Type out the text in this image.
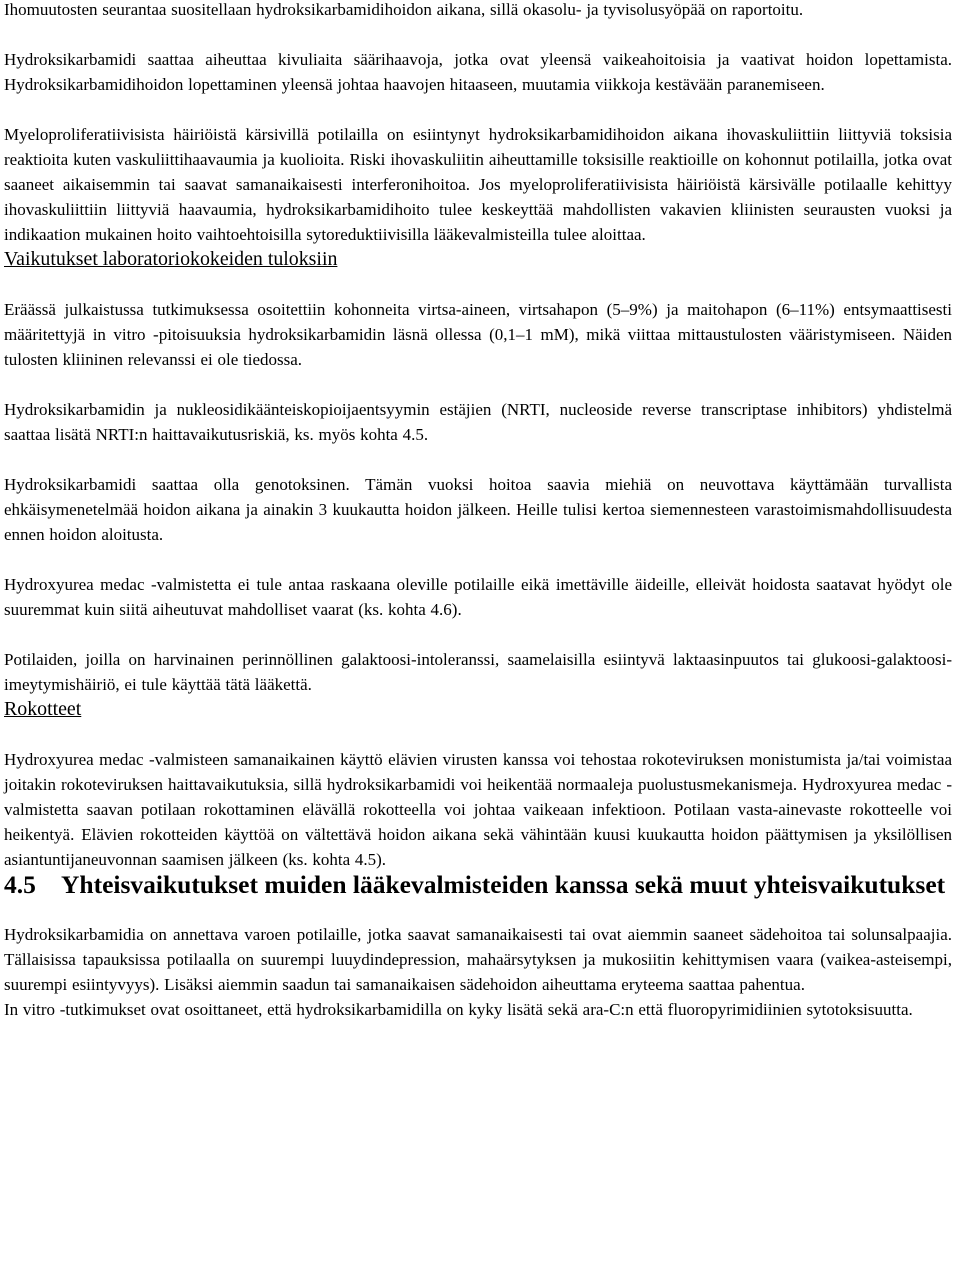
Ihomuutosten seurantaa suositellaan hydroksikarbamidihoidon aikana, sillä okasolu- ja tyvisolusyöpää on raportoitu.

Hydroksikarbamidi saattaa aiheuttaa kivuliaita säärihaavoja, jotka ovat yleensä vaikeahoitoisia ja vaativat hoidon lopettamista. Hydroksikarbamidihoidon lopettaminen yleensä johtaa haavojen hitaaseen, muutamia viikkoja kestävään paranemiseen.

Myeloproliferatiivisista häiriöistä kärsivillä potilailla on esiintynyt hydroksikarbamidihoidon aikana ihovaskuliittiin liittyviä toksisia reaktioita kuten vaskuliittihaavaumia ja kuolioita. Riski ihovaskuliitin aiheuttamille toksisille reaktioille on kohonnut potilailla, jotka ovat saaneet aikaisemmin tai saavat samanaikaisesti interferonihoitoa. Jos myeloproliferatiivisista häiriöistä kärsivälle potilaalle kehittyy ihovaskuliittiin liittyviä haavaumia, hydroksikarbamidihoito tulee keskeyttää mahdollisten vakavien kliinisten seurausten vuoksi ja indikaation mukainen hoito vaihtoehtoisilla sytoreduktiivisilla lääkevalmisteilla tulee aloittaa.

Vaikutukset laboratoriokokeiden tuloksiin

Eräässä julkaistussa tutkimuksessa osoitettiin kohonneita virtsa-aineen, virtsahapon (5–9%) ja maitohapon (6–11%) entsymaattisesti määritettyjä in vitro -pitoisuuksia hydroksikarbamidin läsnä ollessa (0,1–1 mM), mikä viittaa mittaustulosten vääristymiseen. Näiden tulosten kliininen relevanssi ei ole tiedossa.

Hydroksikarbamidin ja nukleosidikäänteiskopioijaentsyymin estäjien (NRTI, nucleoside reverse transcriptase inhibitors) yhdistelmä saattaa lisätä NRTI:n haittavaikutusriskiä, ks. myös kohta 4.5.

Hydroksikarbamidi saattaa olla genotoksinen. Tämän vuoksi hoitoa saavia miehiä on neuvottava käyttämään turvallista ehkäisymenetelmää hoidon aikana ja ainakin 3 kuukautta hoidon jälkeen. Heille tulisi kertoa siemennesteen varastoimismahdollisuudesta ennen hoidon aloitusta.

Hydroxyurea medac -valmistetta ei tule antaa raskaana oleville potilaille eikä imettäville äideille, elleivät hoidosta saatavat hyödyt ole suuremmat kuin siitä aiheutuvat mahdolliset vaarat (ks. kohta 4.6).

Potilaiden, joilla on harvinainen perinnöllinen galaktoosi-intoleranssi, saamelaisilla esiintyvä laktaasinpuutos tai glukoosi-galaktoosi-imeytymishäiriö, ei tule käyttää tätä lääkettä.

Rokotteet

Hydroxyurea medac -valmisteen samanaikainen käyttö elävien virusten kanssa voi tehostaa rokoteviruksen monistumista ja/tai voimistaa joitakin rokoteviruksen haittavaikutuksia, sillä hydroksikarbamidi voi heikentää normaaleja puolustusmekanismeja. Hydroxyurea medac -valmistetta saavan potilaan rokottaminen elävällä rokotteella voi johtaa vaikeaan infektioon. Potilaan vasta-ainevaste rokotteelle voi heikentyä. Elävien rokotteiden käyttöä on vältettävä hoidon aikana sekä vähintään kuusi kuukautta hoidon päättymisen ja yksilöllisen asiantuntijaneuvonnan saamisen jälkeen (ks. kohta 4.5).

4.5 Yhteisvaikutukset muiden lääkevalmisteiden kanssa sekä muut yhteisvaikutukset

Hydroksikarbamidia on annettava varoen potilaille, jotka saavat samanaikaisesti tai ovat aiemmin saaneet sädehoitoa tai solunsalpaajia. Tällaisissa tapauksissa potilaalla on suurempi luuydindepression, mahaärsytyksen ja mukosiitin kehittymisen vaara (vaikea-asteisempi, suurempi esiintyvyys). Lisäksi aiemmin saadun tai samanaikaisen sädehoidon aiheuttama eryteema saattaa pahentua.

In vitro -tutkimukset ovat osoittaneet, että hydroksikarbamidilla on kyky lisätä sekä ara-C:n että fluoropyrimidiinien sytotoksisuutta.
